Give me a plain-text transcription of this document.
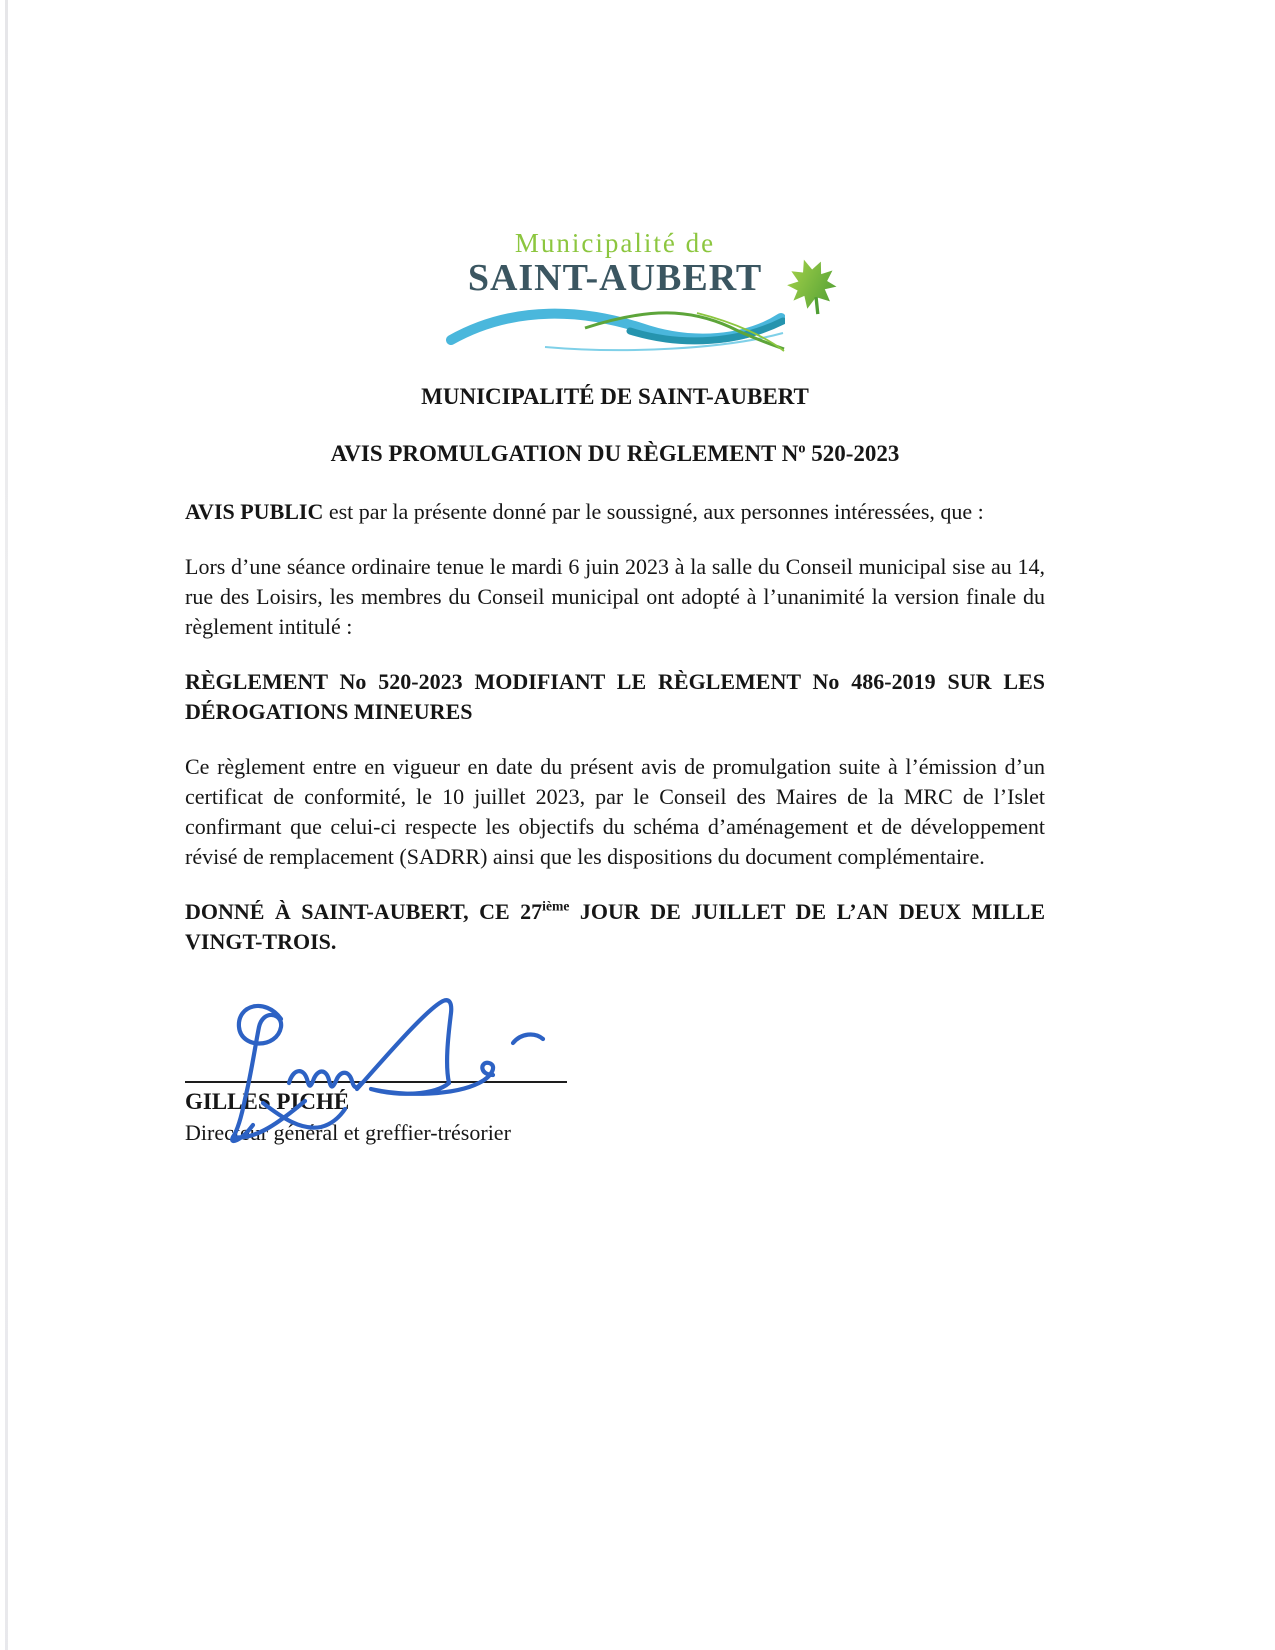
Municipalité de
SAINT-AUBERT
MUNICIPALITÉ DE SAINT-AUBERT
AVIS PROMULGATION DU RÈGLEMENT $N^o$ 520-2023

AVIS PUBLIC est par la présente donné par le soussigné, aux personnes intéressées, que :

Lors d’une séance ordinaire tenue le mardi 6 juin 2023 à la salle du Conseil municipal sise au 14, rue des Loisirs, les membres du Conseil municipal ont adopté à l’unanimité la version finale du règlement intitulé :

RÈGLEMENT No 520-2023 MODIFIANT LE RÈGLEMENT No 486-2019 SUR LES DÉROGATIONS MINEURES

Ce règlement entre en vigueur en date du présent avis de promulgation suite à l’émission d’un certificat de conformité, le 10 juillet 2023, par le Conseil des Maires de la MRC de l’Islet confirmant que celui-ci respecte les objectifs du schéma d’aménagement et de développement révisé de remplacement (SADRR) ainsi que les dispositions du document complémentaire.

DONNÉ À SAINT-AUBERT, CE 27ième JOUR DE JUILLET DE L’AN DEUX MILLE VINGT-TROIS.

GILLES PICHÉ
Directeur général et greffier-trésorier
